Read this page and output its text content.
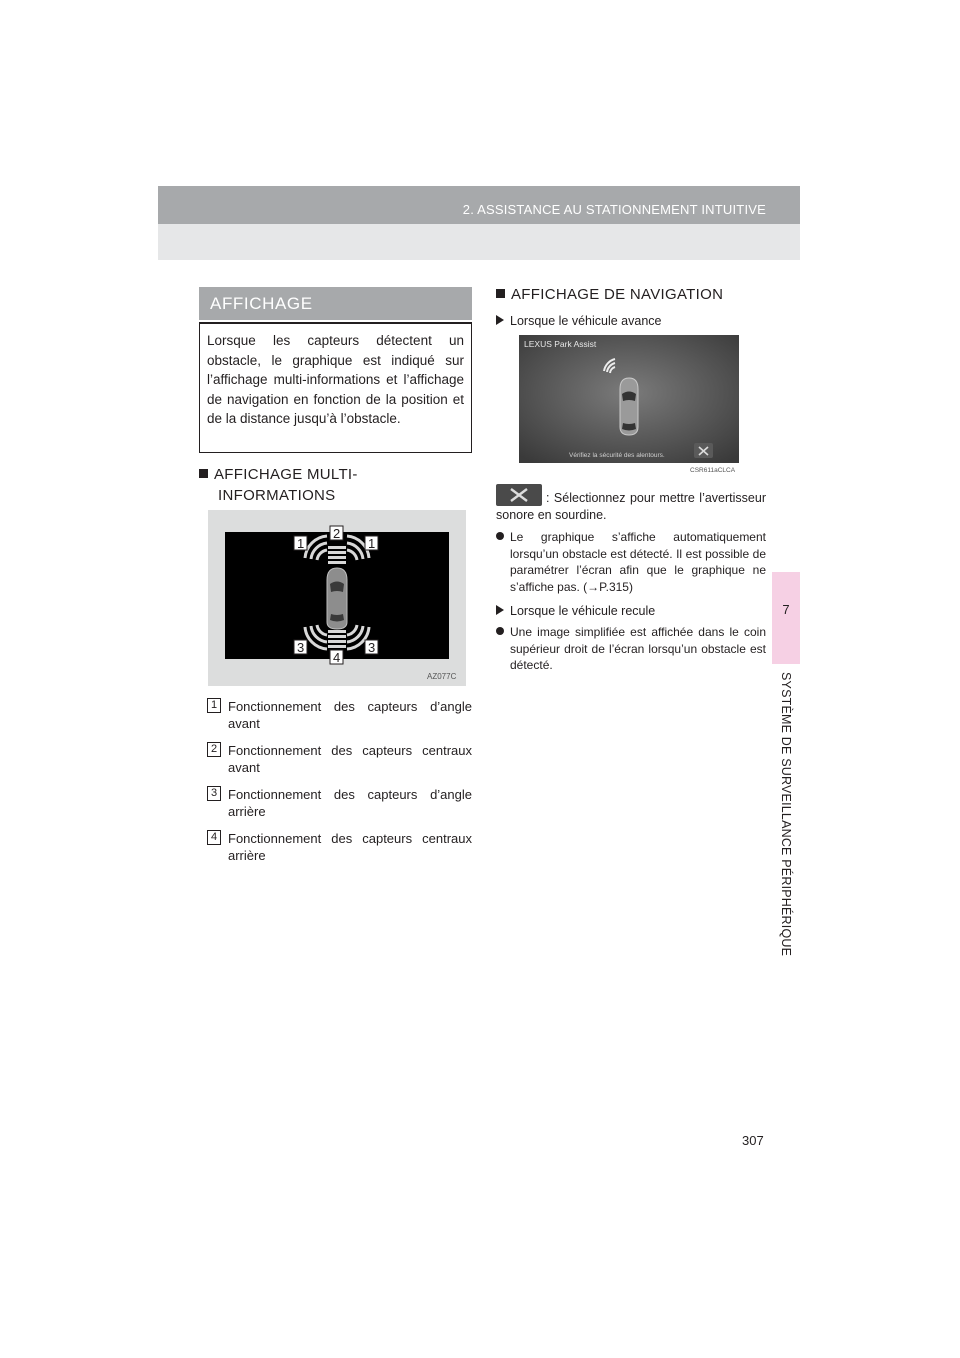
2. ASSISTANCE AU STATIONNEMENT INTUITIVE
7
SYSTÈME DE SURVEILLANCE PÉRIPHÉRIQUE
AFFICHAGE

Lorsque les capteurs détectent un obstacle, le graphique est indiqué sur l’affichage multi-informations et l’affichage de navigation en fonction de la position et de la distance jusqu’à l’obstacle.

AFFICHAGE MULTI-
INFORMATIONS
1
2
1
3
4
3
AZ077C
1 Fonctionnement des capteurs d’angle avant
2 Fonctionnement des capteurs centraux avant
3 Fonctionnement des capteurs d’angle arrière
4 Fonctionnement des capteurs centraux arrière
AFFICHAGE DE NAVIGATION
Lorsque le véhicule avance
LEXUS Park Assist
Vérifiez la sécurité des alentours.
CSR611aCLCA
: Sélectionnez pour mettre l’avertisseur sonore en sourdine.
Le graphique s’affiche automatiquement lorsqu’un obstacle est détecté. Il est possible de paramétrer l’écran afin que le graphique ne s’affiche pas. (→P.315)
Lorsque le véhicule recule
Une image simplifiée est affichée dans le coin supérieur droit de l’écran lorsqu’un obstacle est détecté.
307
